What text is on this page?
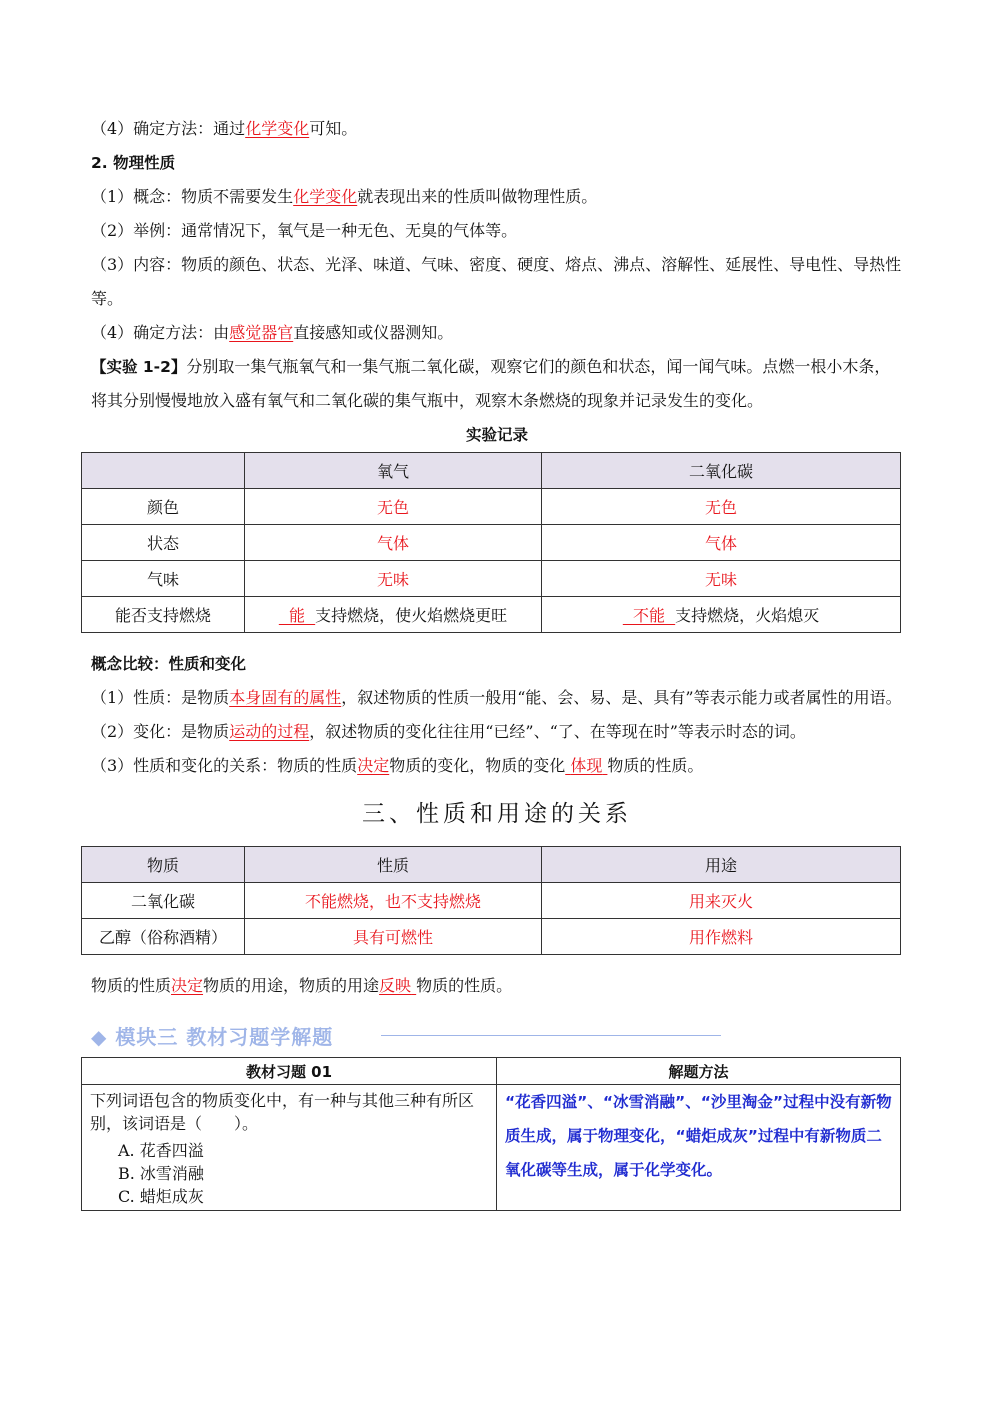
（4）确定方法：通过化学变化可知。

2. 物理性质

（1）概念：物质不需要发生化学变化就表现出来的性质叫做物理性质。

（2）举例：通常情况下，氧气是一种无色、无臭的气体等。

（3）内容：物质的颜色、状态、光泽、味道、气味、密度、硬度、熔点、沸点、溶解性、延展性、导电性、导热性等。

（4）确定方法：由感觉器官直接感知或仪器测知。

【实验 1-2】分别取一集气瓶氧气和一集气瓶二氧化碳，观察它们的颜色和状态，闻一闻气味。点燃一根小木条，将其分别慢慢地放入盛有氧气和二氧化碳的集气瓶中，观察木条燃烧的现象并记录发生的变化。

实验记录

	氧气	二氧化碳
颜色	无色	无色
状态	气体	气体
气味	无味	无味
能否支持燃烧	能 支持燃烧，使火焰燃烧更旺	不能 支持燃烧，火焰熄灭

概念比较：性质和变化

（1）性质：是物质本身固有的属性，叙述物质的性质一般用“能、会、易、是、具有”等表示能力或者属性的用语。

（2）变化：是物质运动的过程，叙述物质的变化往往用“已经”、“了、在等现在时”等表示时态的词。

（3）性质和变化的关系：物质的性质决定物质的变化，物质的变化 体现 物质的性质。

三、性质和用途的关系
物质	性质	用途
二氧化碳	不能燃烧，也不支持燃烧	用来灭火
乙醇（俗称酒精）	具有可燃性	用作燃料

物质的性质决定物质的用途，物质的用途反映 物质的性质。

◆ 模块三 教材习题学解题
教材习题 01	解题方法

下列词语包含的物质变化中，有一种与其他三种有所区别，该词语是（　　）。
A. 花香四溢
B. 冰雪消融
C. 蜡炬成灰	“花香四溢”、“冰雪消融”、“沙里淘金”过程中没有新物质生成，属于物理变化，“蜡炬成灰”过程中有新物质二氧化碳等生成，属于化学变化。
